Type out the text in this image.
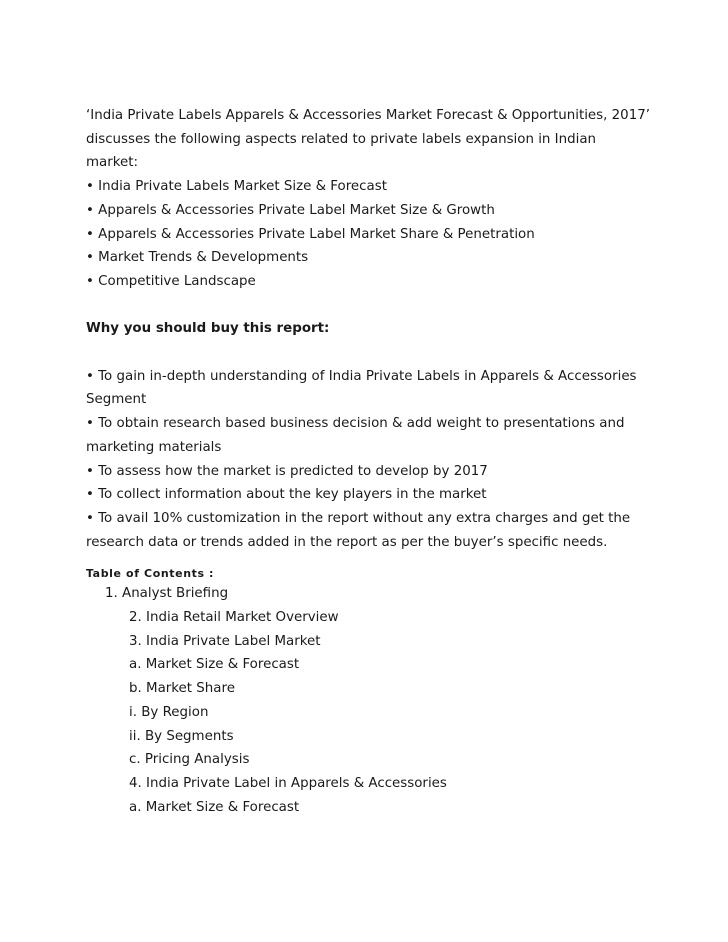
‘India Private Labels Apparels & Accessories Market Forecast & Opportunities, 2017’
discusses the following aspects related to private labels expansion in Indian
market:
• India Private Labels Market Size & Forecast
• Apparels & Accessories Private Label Market Size & Growth
• Apparels & Accessories Private Label Market Share & Penetration
• Market Trends & Developments
• Competitive Landscape
Why you should buy this report:
• To gain in-depth understanding of India Private Labels in Apparels & Accessories
Segment
• To obtain research based business decision & add weight to presentations and
marketing materials
• To assess how the market is predicted to develop by 2017
• To collect information about the key players in the market
• To avail 10% customization in the report without any extra charges and get the
research data or trends added in the report as per the buyer’s specific needs.
Table of Contents :
1. Analyst Briefing
2. India Retail Market Overview
3. India Private Label Market
a. Market Size & Forecast
b. Market Share
i. By Region
ii. By Segments
c. Pricing Analysis
4. India Private Label in Apparels & Accessories
a. Market Size & Forecast
